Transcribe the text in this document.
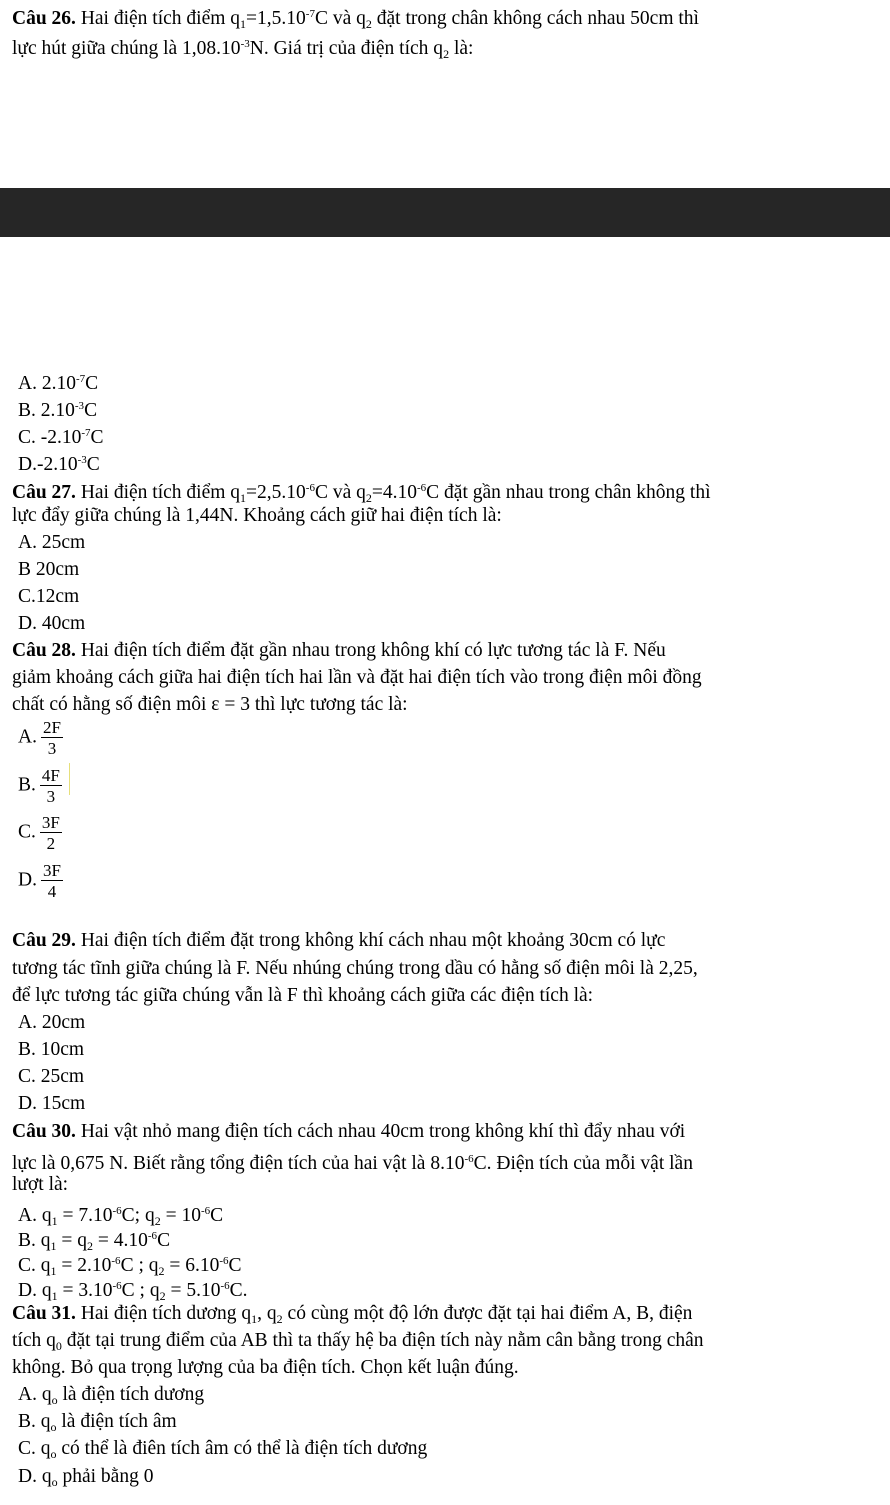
Câu 26. Hai điện tích điểm $q_1=1,5.10^{-7}C$ và $q_2$ đặt trong chân không cách nhau 50cm thì
lực hút giữa chúng là $1,08.10^{-3}N$. Giá trị của điện tích $q_2$ là:
A. $2.10^{-7}C$
B. $2.10^{-3}C$
C. $-2.10^{-7}C$
$D.-2.10^{-3}C$
Câu 27. Hai điện tích điểm $q_1=2,5.10^{-6}C$ và $q_2=4.10^{-6}C$ đặt gần nhau trong chân không thì
lực đẩy giữa chúng là 1,44N. Khoảng cách giữ hai điện tích là:
A. 25cm
B 20cm
C.12cm
D. 40cm
Câu 28. Hai điện tích điểm đặt gần nhau trong không khí có lực tương tác là F. Nếu
giảm khoảng cách giữa hai điện tích hai lần và đặt hai điện tích vào trong điện môi đồng
chất có hằng số điện môi ε = 3 thì lực tương tác là:
A. $\frac{2F}{3}$
B. $\frac{4F}{3}$
C. $\frac{3F}{2}$
D. $\frac{3F}{4}$
Câu 29. Hai điện tích điểm đặt trong không khí cách nhau một khoảng 30cm có lực
tương tác tĩnh giữa chúng là F. Nếu nhúng chúng trong dầu có hằng số điện môi là 2,25,
để lực tương tác giữa chúng vẫn là F thì khoảng cách giữa các điện tích là:
A. 20cm
B. 10cm
C. 25cm
D. 15cm
Câu 30. Hai vật nhỏ mang điện tích cách nhau 40cm trong không khí thì đẩy nhau với
lực là 0,675 N. Biết rằng tổng điện tích của hai vật là $8.10^{-6}C$. Điện tích của mỗi vật lần
lượt là:
A. $q_1 = 7.10^{-6}C$; $q_2 = 10^{-6}C$
B. $q_1 = q_2 = 4.10^{-6}C$
C. $q_1 = 2.10^{-6}C$ ; $q_2 = 6.10^{-6}C$
D. $q_1 = 3.10^{-6}C$ ; $q_2 = 5.10^{-6}C$.
Câu 31. Hai điện tích dương $q_1$, $q_2$ có cùng một độ lớn được đặt tại hai điểm A, B, điện
tích $q_0$ đặt tại trung điểm của AB thì ta thấy hệ ba điện tích này nằm cân bằng trong chân
không. Bỏ qua trọng lượng của ba điện tích. Chọn kết luận đúng.
A. $q_o$ là điện tích dương
B. $q_o$ là điện tích âm
C. $q_o$ có thể là điên tích âm có thể là điện tích dương
D. $q_o$ phải bằng 0
